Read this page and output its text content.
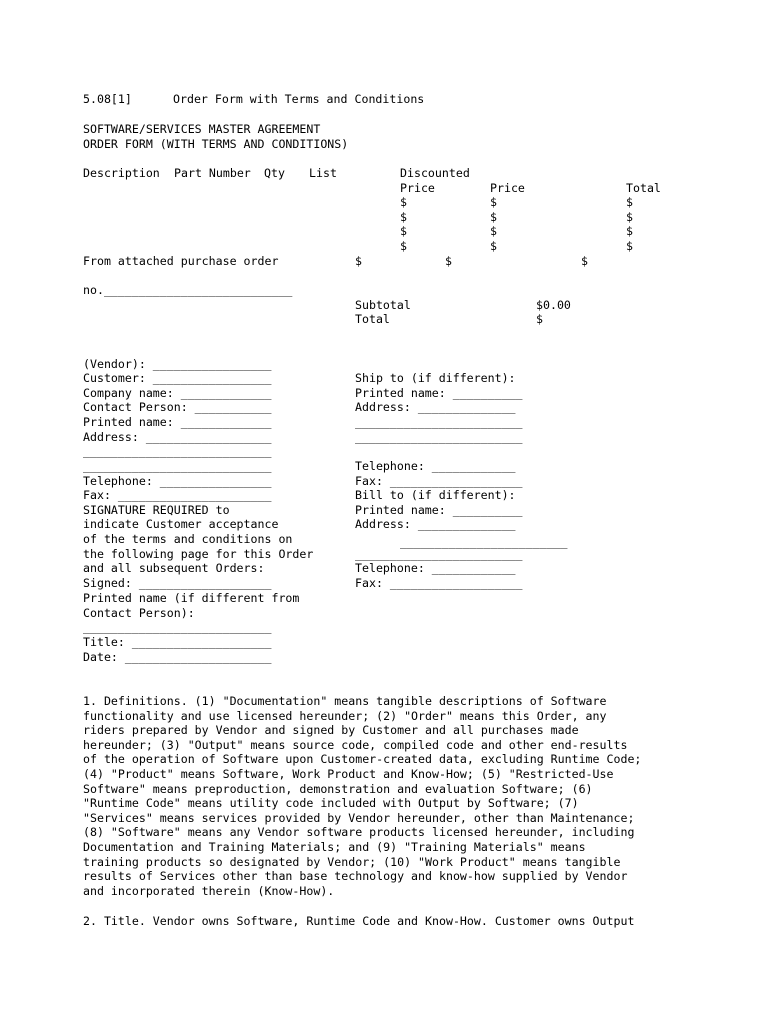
5.08[1]	Order Form with Terms and Conditions
SOFTWARE/SERVICES MASTER AGREEMENT
ORDER FORM (WITH TERMS AND CONDITIONS)
Description Part Number Qty List	Discounted
Price	Price	Total
$	$	$
$	$	$
$	$	$
$	$	$
From attached purchase order	$	$	$
no.___________________________
Subtotal	$0.00
Total	$
(Vendor): _________________
Customer: _________________
Company name: _____________
Contact Person: ___________
Printed name: _____________
Address: __________________
___________________________
___________________________
Telephone: ________________
Fax: ______________________
SIGNATURE REQUIRED to
indicate Customer acceptance
of the terms and conditions on
the following page for this Order
and all subsequent Orders:
Signed: ___________________
Printed name (if different from
Contact Person):
___________________________
Title: ____________________
Date: _____________________
Ship to (if different):
Printed name: __________
Address: ______________
________________________
________________________
Telephone: ____________
Fax: ___________________
Bill to (if different):
Printed name: __________
Address: ______________
________________________
________________________
Telephone: ____________
Fax: ___________________
1. Definitions. (1) "Documentation" means tangible descriptions of Software
functionality and use licensed hereunder; (2) "Order" means this Order, any
riders prepared by Vendor and signed by Customer and all purchases made
hereunder; (3) "Output" means source code, compiled code and other end-results
of the operation of Software upon Customer-created data, excluding Runtime Code;
(4) "Product" means Software, Work Product and Know-How; (5) "Restricted-Use
Software" means preproduction, demonstration and evaluation Software; (6)
"Runtime Code" means utility code included with Output by Software; (7)
"Services" means services provided by Vendor hereunder, other than Maintenance;
(8) "Software" means any Vendor software products licensed hereunder, including
Documentation and Training Materials; and (9) "Training Materials" means
training products so designated by Vendor; (10) "Work Product" means tangible
results of Services other than base technology and know-how supplied by Vendor
and incorporated therein (Know-How).
2. Title. Vendor owns Software, Runtime Code and Know-How. Customer owns Output
